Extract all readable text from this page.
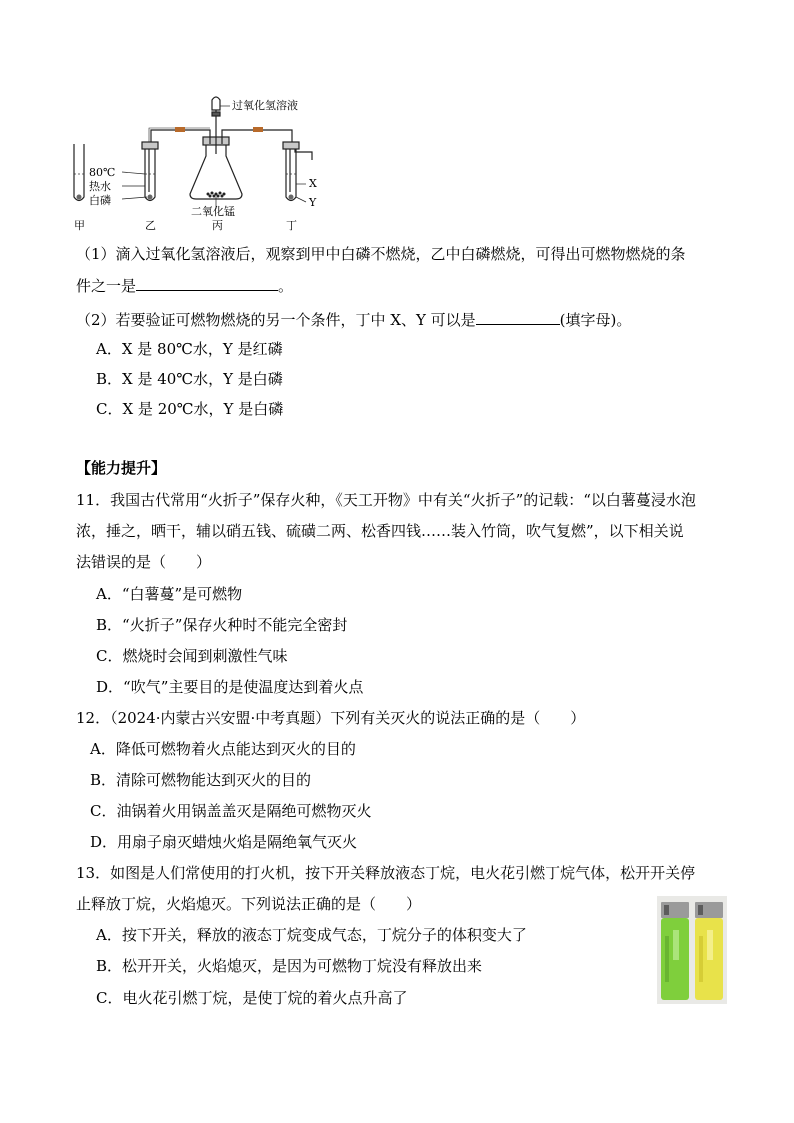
过氧化氢溶液
80℃
热水
白磷
二氧化锰
X
Y
甲	乙	丙	丁
（1）滴入过氧化氢溶液后，观察到甲中白磷不燃烧，乙中白磷燃烧，可得出可燃物燃烧的条
件之一是	。
（2）若要验证可燃物燃烧的另一个条件，丁中 X、Y 可以是	(填字母)。
A．X 是 80℃水，Y 是红磷
B．X 是 40℃水，Y 是白磷
C．X 是 20℃水，Y 是白磷
【能力提升】
11．我国古代常用“火折子”保存火种，《天工开物》中有关“火折子”的记载：“以白薯蔓浸水泡
浓，捶之，晒干，辅以硝五钱、硫磺二两、松香四钱……装入竹筒，吹气复燃”，以下相关说
法错误的是（　　）
A．“白薯蔓”是可燃物
B．“火折子”保存火种时不能完全密封
C．燃烧时会闻到刺激性气味
D．“吹气”主要目的是使温度达到着火点
12．（2024·内蒙古兴安盟·中考真题）下列有关灭火的说法正确的是（　　）
A．降低可燃物着火点能达到灭火的目的
B．清除可燃物能达到灭火的目的
C．油锅着火用锅盖盖灭是隔绝可燃物灭火
D．用扇子扇灭蜡烛火焰是隔绝氧气灭火
13．如图是人们常使用的打火机，按下开关释放液态丁烷，电火花引燃丁烷气体，松开开关停
止释放丁烷，火焰熄灭。下列说法正确的是（　　）
A．按下开关，释放的液态丁烷变成气态，丁烷分子的体积变大了
B．松开开关，火焰熄灭，是因为可燃物丁烷没有释放出来
C．电火花引燃丁烷，是使丁烷的着火点升高了
